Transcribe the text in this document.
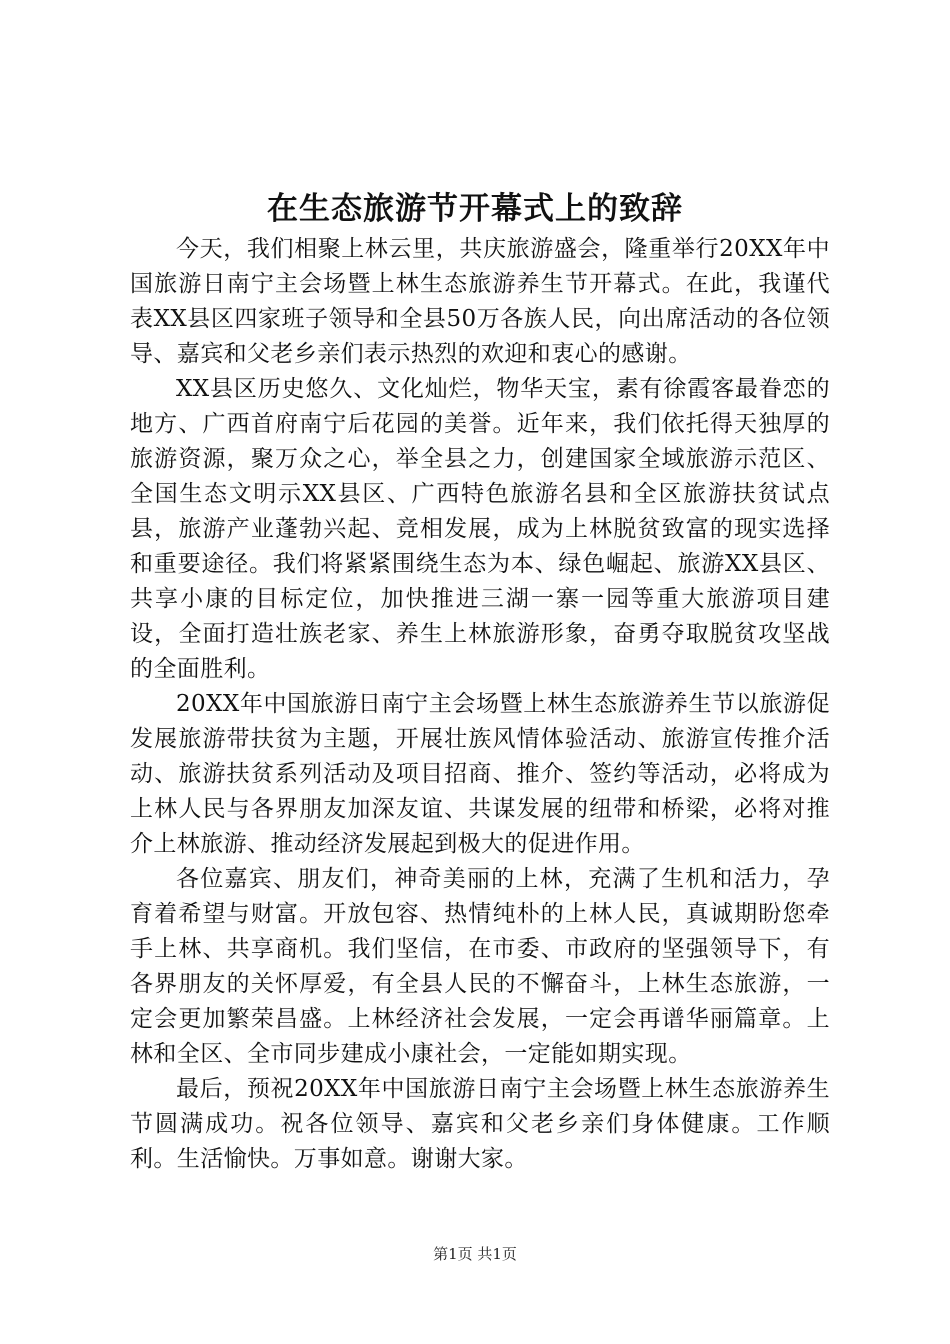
在生态旅游节开幕式上的致辞

今天，我们相聚上林云里，共庆旅游盛会，隆重举行20XX年中国旅游日南宁主会场暨上林生态旅游养生节开幕式。在此，我谨代表XX县区四家班子领导和全县50万各族人民，向出席活动的各位领导、嘉宾和父老乡亲们表示热烈的欢迎和衷心的感谢。

XX县区历史悠久、文化灿烂，物华天宝，素有徐霞客最眷恋的地方、广西首府南宁后花园的美誉。近年来，我们依托得天独厚的旅游资源，聚万众之心，举全县之力，创建国家全域旅游示范区、全国生态文明示XX县区、广西特色旅游名县和全区旅游扶贫试点县，旅游产业蓬勃兴起、竞相发展，成为上林脱贫致富的现实选择和重要途径。我们将紧紧围绕生态为本、绿色崛起、旅游XX县区、共享小康的目标定位，加快推进三湖一寨一园等重大旅游项目建设，全面打造壮族老家、养生上林旅游形象，奋勇夺取脱贫攻坚战的全面胜利。

20XX年中国旅游日南宁主会场暨上林生态旅游养生节以旅游促发展旅游带扶贫为主题，开展壮族风情体验活动、旅游宣传推介活动、旅游扶贫系列活动及项目招商、推介、签约等活动，必将成为上林人民与各界朋友加深友谊、共谋发展的纽带和桥梁，必将对推介上林旅游、推动经济发展起到极大的促进作用。

各位嘉宾、朋友们，神奇美丽的上林，充满了生机和活力，孕育着希望与财富。开放包容、热情纯朴的上林人民，真诚期盼您牵手上林、共享商机。我们坚信，在市委、市政府的坚强领导下，有各界朋友的关怀厚爱，有全县人民的不懈奋斗，上林生态旅游，一定会更加繁荣昌盛。上林经济社会发展，一定会再谱华丽篇章。上林和全区、全市同步建成小康社会，一定能如期实现。

最后，预祝20XX年中国旅游日南宁主会场暨上林生态旅游养生节圆满成功。祝各位领导、嘉宾和父老乡亲们身体健康。工作顺利。生活愉快。万事如意。谢谢大家。

第1页 共1页
